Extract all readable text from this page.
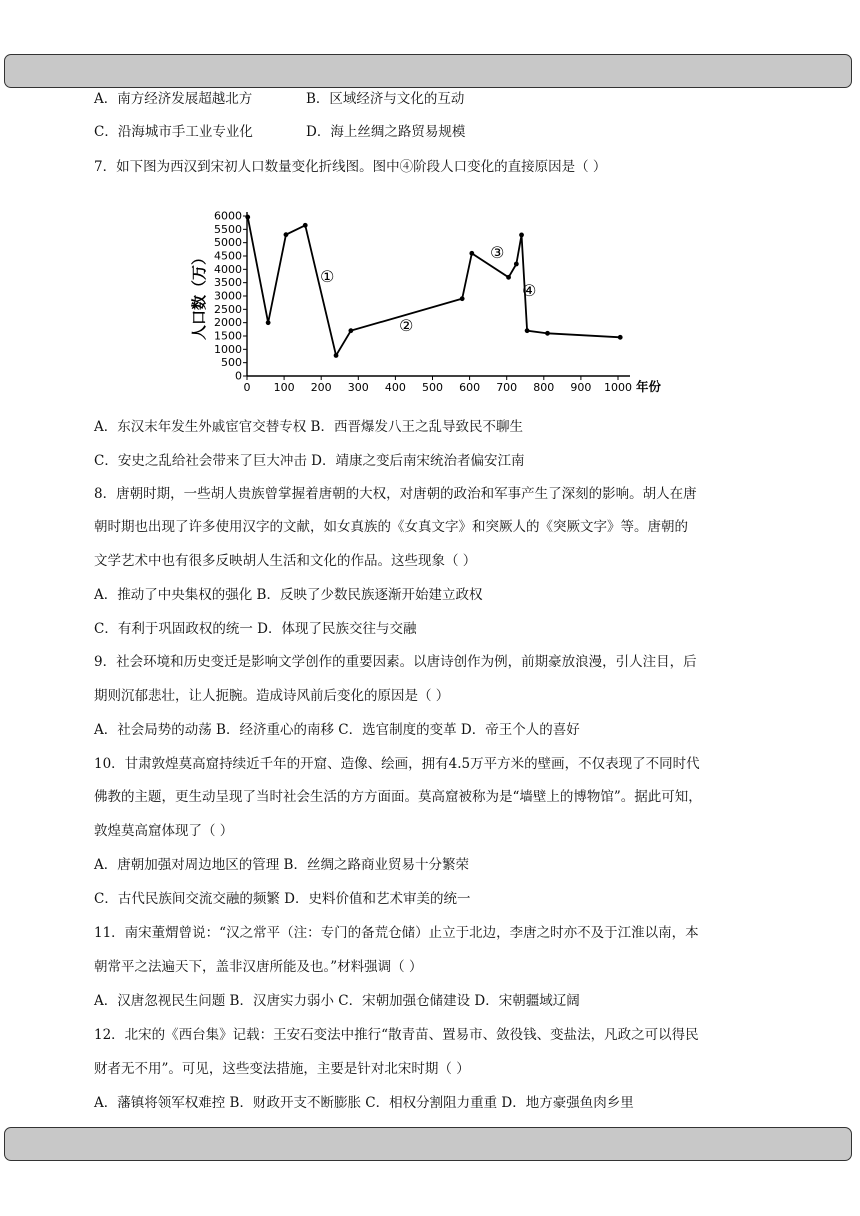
A．南方经济发展超越北方	B．区域经济与文化的互动
C．沿海城市手工业专业化	D．海上丝绸之路贸易规模
7．如下图为西汉到宋初人口数量变化折线图。图中④阶段人口变化的直接原因是（ ）
0
500
1000
1500
2000
2500
3000
3500
4000
4500
5000
5500
6000
0 100 200 300 400 500 600 700 800 900 1000
人口数（万）
年份
①
②
③
④
A．东汉末年发生外戚宦官交替专权 B．西晋爆发八王之乱导致民不聊生
C．安史之乱给社会带来了巨大冲击 D．靖康之变后南宋统治者偏安江南
8．唐朝时期，一些胡人贵族曾掌握着唐朝的大权，对唐朝的政治和军事产生了深刻的影响。胡人在唐
朝时期也出现了许多使用汉字的文献，如女真族的《女真文字》和突厥人的《突厥文字》等。唐朝的
文学艺术中也有很多反映胡人生活和文化的作品。这些现象（ ）
A．推动了中央集权的强化 B．反映了少数民族逐渐开始建立政权
C．有利于巩固政权的统一 D．体现了民族交往与交融
9．社会环境和历史变迁是影响文学创作的重要因素。以唐诗创作为例，前期豪放浪漫，引人注目，后
期则沉郁悲壮，让人扼腕。造成诗风前后变化的原因是（ ）
A．社会局势的动荡 B．经济重心的南移 C．选官制度的变革 D．帝王个人的喜好
10．甘肃敦煌莫高窟持续近千年的开窟、造像、绘画，拥有4.5万平方米的壁画，不仅表现了不同时代
佛教的主题，更生动呈现了当时社会生活的方方面面。莫高窟被称为是“墙壁上的博物馆”。据此可知，
敦煌莫高窟体现了（ ）
A．唐朝加强对周边地区的管理 B．丝绸之路商业贸易十分繁荣
C．古代民族间交流交融的频繁 D．史料价值和艺术审美的统一
11．南宋董煟曾说：“汉之常平（注：专门的备荒仓储）止立于北边，李唐之时亦不及于江淮以南，本
朝常平之法遍天下，盖非汉唐所能及也。”材料强调（ ）
A．汉唐忽视民生问题 B．汉唐实力弱小 C．宋朝加强仓储建设 D．宋朝疆域辽阔
12．北宋的《西台集》记载：王安石变法中推行“散青苗、置易市、敛役钱、变盐法，凡政之可以得民
财者无不用”。可见，这些变法措施，主要是针对北宋时期（ ）
A．藩镇将领军权难控 B．财政开支不断膨胀 C．相权分割阻力重重 D．地方豪强鱼肉乡里
